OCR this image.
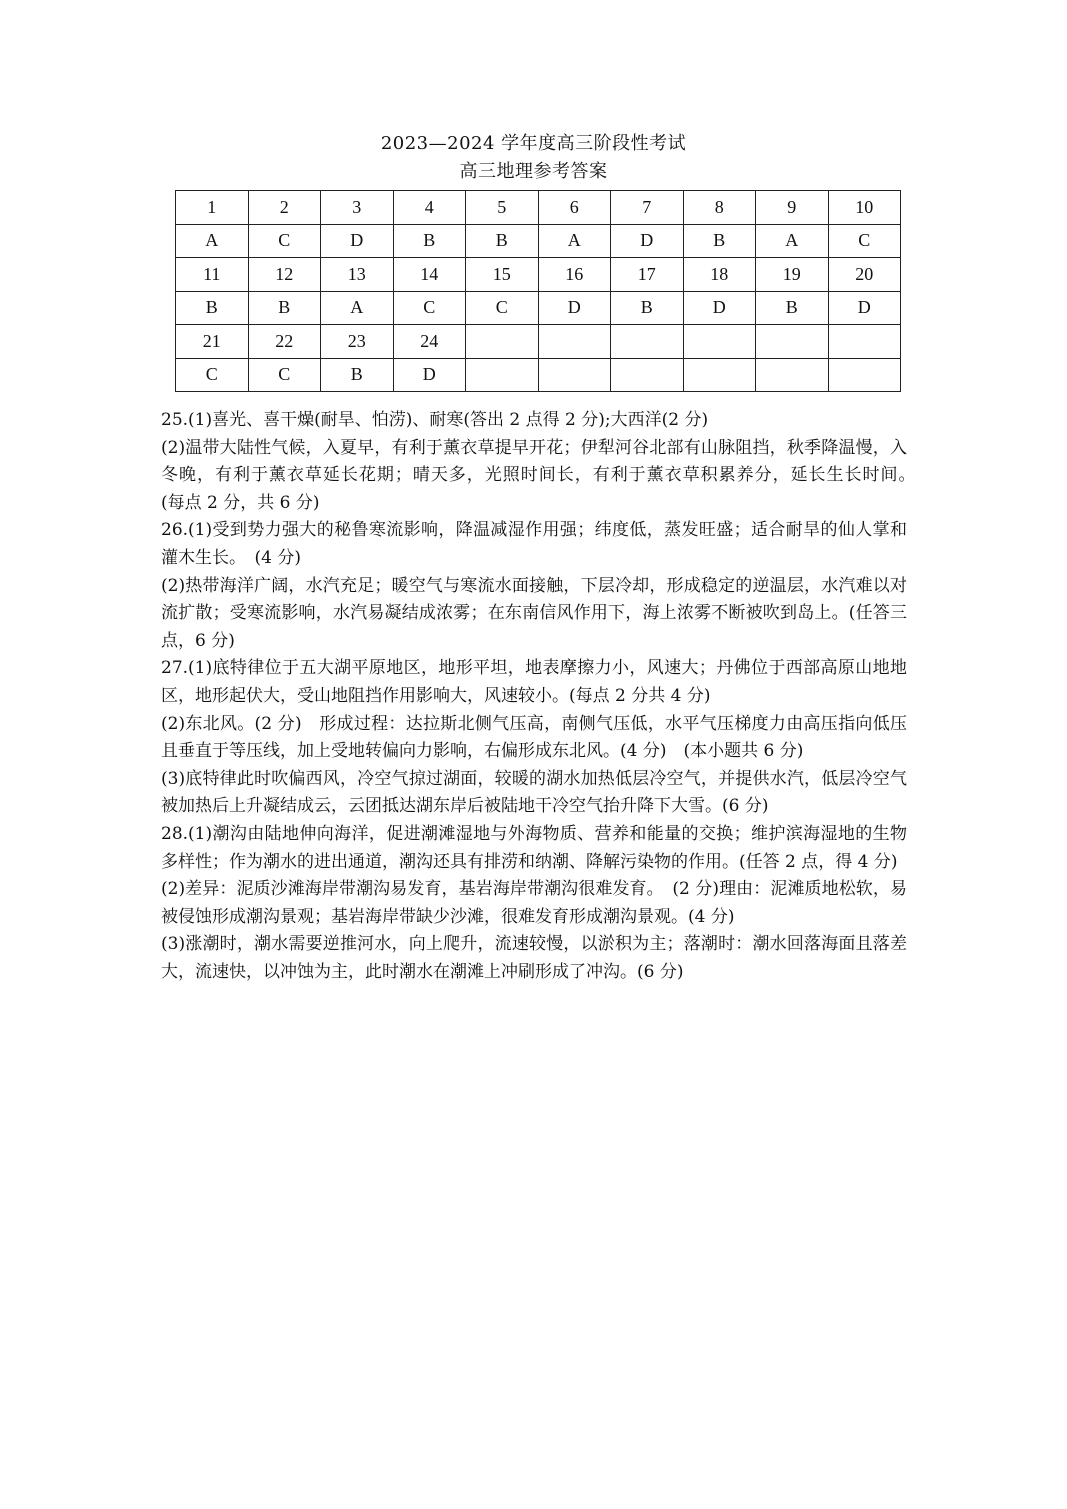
2023—2024 学年度高三阶段性考试
高三地理参考答案
1	2	3	4	5	6	7	8	9	10
A	C	D	B	B	A	D	B	A	C
11	12	13	14	15	16	17	18	19	20
B	B	A	C	C	D	B	D	B	D
21	22	23	24						
C	C	B	D						

25.(1)喜光、喜干燥(耐旱、怕涝)、耐寒(答出 2 点得 2 分);大西洋(2 分)

(2)温带大陆性气候，入夏早，有利于薰衣草提早开花；伊犁河谷北部有山脉阻挡，秋季降温慢，入冬晚，有利于薰衣草延长花期；晴天多，光照时间长，有利于薰衣草积累养分，延长生长时间。　(每点 2 分，共 6 分)

26.(1)受到势力强大的秘鲁寒流影响，降温减湿作用强；纬度低，蒸发旺盛；适合耐旱的仙人掌和灌木生长。　(4 分)

(2)热带海洋广阔，水汽充足；暖空气与寒流水面接触，下层冷却，形成稳定的逆温层，水汽难以对流扩散；受寒流影响，水汽易凝结成浓雾；在东南信风作用下，海上浓雾不断被吹到岛上。(任答三点，6 分)

27.(1)底特律位于五大湖平原地区，地形平坦，地表摩擦力小，风速大；丹佛位于西部高原山地地区，地形起伏大，受山地阻挡作用影响大，风速较小。(每点 2 分共 4 分)

(2)东北风。(2 分)　形成过程：达拉斯北侧气压高，南侧气压低，水平气压梯度力由高压指向低压且垂直于等压线，加上受地转偏向力影响，右偏形成东北风。(4 分)　(本小题共 6 分)

(3)底特律此时吹偏西风，冷空气掠过湖面，较暖的湖水加热低层冷空气，并提供水汽，低层冷空气被加热后上升凝结成云，云团抵达湖东岸后被陆地干冷空气抬升降下大雪。(6 分)

28.(1)潮沟由陆地伸向海洋，促进潮滩湿地与外海物质、营养和能量的交换；维护滨海湿地的生物多样性；作为潮水的进出通道，潮沟还具有排涝和纳潮、降解污染物的作用。(任答 2 点，得 4 分)

(2)差异：泥质沙滩海岸带潮沟易发育，基岩海岸带潮沟很难发育。　(2 分)理由：泥滩质地松软，易被侵蚀形成潮沟景观；基岩海岸带缺少沙滩，很难发育形成潮沟景观。(4 分)

(3)涨潮时，潮水需要逆推河水，向上爬升，流速较慢，以淤积为主；落潮时：潮水回落海面且落差大，流速快，以冲蚀为主，此时潮水在潮滩上冲刷形成了冲沟。(6 分)
